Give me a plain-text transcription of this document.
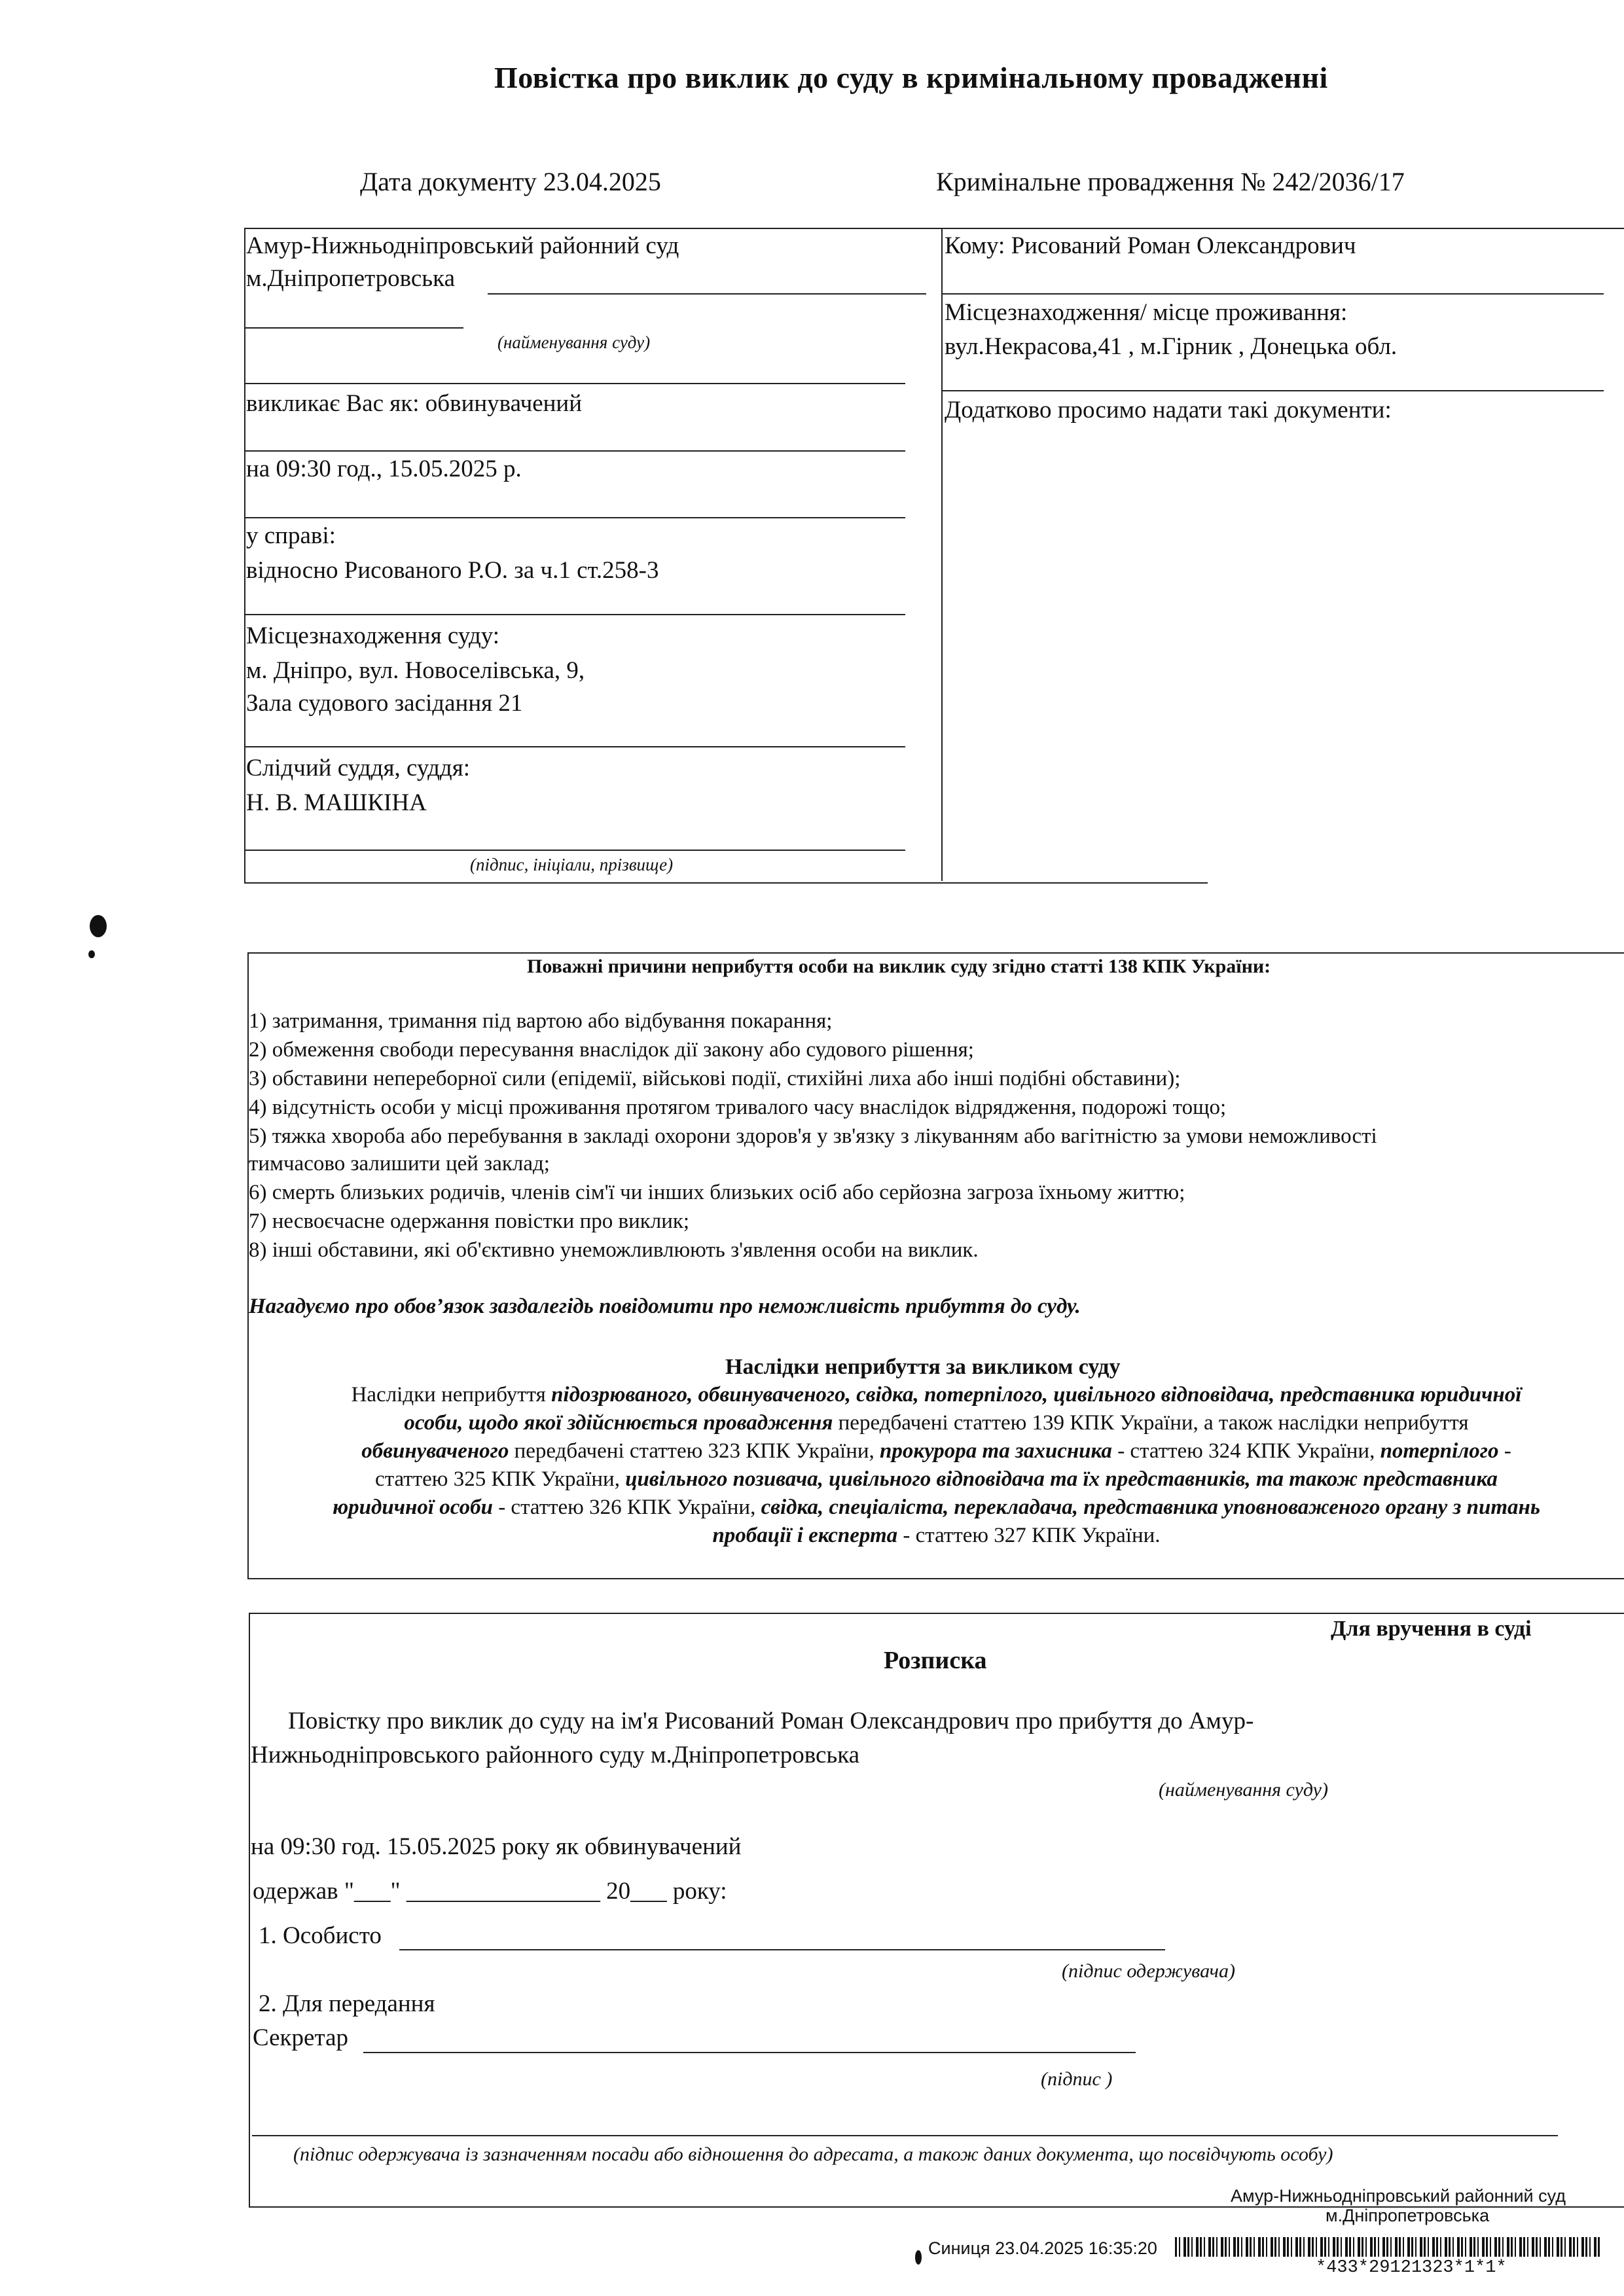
Повістка про виклик до суду в кримінальному провадженні
Дата документу 23.04.2025	Кримінальне провадження № 242/2036/17
Амур-Нижньодніпровський районний суд
м.Дніпропетровська
(найменування суду)
викликає Вас як: обвинувачений
на 09:30 год., 15.05.2025 р.
у справі:
відносно Рисованого Р.О. за ч.1 ст.258-3
Місцезнаходження суду:
м. Дніпро, вул. Новоселівська, 9,
Зала судового засідання 21
Слідчий суддя, суддя:
Н. В. МАШКІНА
(підпис, ініціали, прізвище)
Кому: Рисований Роман Олександрович
Місцезнаходження/ місце проживання:
вул.Некрасова,41 , м.Гірник , Донецька обл.
Додатково просимо надати такі документи:
Поважні причини неприбуття особи на виклик суду згідно статті 138 КПК України:
1) затримання, тримання під вартою або відбування покарання;
2) обмеження свободи пересування внаслідок дії закону або судового рішення;
3) обставини непереборної сили (епідемії, військові події, стихійні лиха або інші подібні обставини);
4) відсутність особи у місці проживання протягом тривалого часу внаслідок відрядження, подорожі тощо;
5) тяжка хвороба або перебування в закладі охорони здоров'я у зв'язку з лікуванням або вагітністю за умови неможливості
тимчасово залишити цей заклад;
6) смерть близьких родичів, членів сім'ї чи інших близьких осіб або серйозна загроза їхньому життю;
7) несвоєчасне одержання повістки про виклик;
8) інші обставини, які об'єктивно унеможливлюють з'явлення особи на виклик.
Нагадуємо про обов’язок заздалегідь повідомити про неможливість прибуття до суду.
Наслідки неприбуття за викликом суду
Наслідки неприбуття підозрюваного, обвинуваченого, свідка, потерпілого, цивільного відповідача, представника юридичної
особи, щодо якої здійснюється провадження передбачені статтею 139 КПК України, а також наслідки неприбуття
обвинуваченого передбачені статтею 323 КПК України, прокурора та захисника - статтею 324 КПК України, потерпілого -
статтею 325 КПК України, цивільного позивача, цивільного відповідача та їх представників, та також представника
юридичної особи - статтею 326 КПК України, свідка, спеціаліста, перекладача, представника уповноваженого органу з питань
пробації і експерта - статтею 327 КПК України.
Для вручення в суді
Розписка
Повістку про виклик до суду на ім'я Рисований Роман Олександрович про прибуття до Амур-
Нижньодніпровського районного суду м.Дніпропетровська
(найменування суду)
на 09:30 год. 15.05.2025 року як обвинувачений
одержав "___" ________________ 20___ року:
1. Особисто
(підпис одержувача)
2. Для передання
Секретар
(підпис )
(підпис одержувача із зазначенням посади або відношення до адресата, а також даних документа, що посвідчують особу)
Амур-Нижньодніпровський районний суд
м.Дніпропетровська
Синиця 23.04.2025 16:35:20
*433*29121323*1*1*
